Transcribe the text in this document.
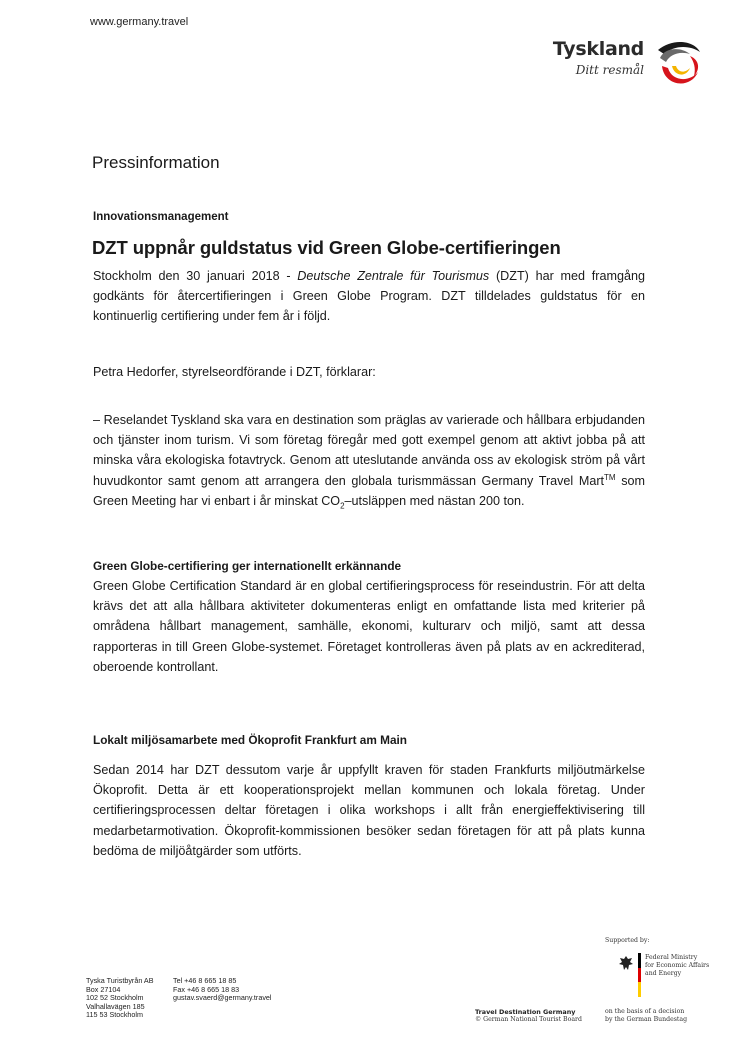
www.germany.travel
Tyskland
Ditt resmål
Pressinformation
Innovationsmanagement
DZT uppnår guldstatus vid Green Globe-certifieringen
Stockholm den 30 januari 2018 - Deutsche Zentrale für Tourismus (DZT) har med framgång godkänts för återcertifieringen i Green Globe Program. DZT tilldelades guldstatus för en kontinuerlig certifiering under fem år i följd.
Petra Hedorfer, styrelseordförande i DZT, förklarar:
– Reselandet Tyskland ska vara en destination som präglas av varierade och hållbara erbjudanden och tjänster inom turism. Vi som företag föregår med gott exempel genom att aktivt jobba på att minska våra ekologiska fotavtryck. Genom att uteslutande använda oss av ekologisk ström på vårt huvudkontor samt genom att arrangera den globala turismmässan Germany Travel Mart™ som Green Meeting har vi enbart i år minskat $CO_2$–utsläppen med nästan 200 ton.
Green Globe-certifiering ger internationellt erkännande
Green Globe Certification Standard är en global certifieringsprocess för reseindustrin. För att delta krävs det att alla hållbara aktiviteter dokumenteras enligt en omfattande lista med kriterier på områdena hållbart management, samhälle, ekonomi, kulturarv och miljö, samt att dessa rapporteras in till Green Globe-systemet. Företaget kontrolleras även på plats av en ackrediterad, oberoende kontrollant.
Lokalt miljösamarbete med Ökoprofit Frankfurt am Main
Sedan 2014 har DZT dessutom varje år uppfyllt kraven för staden Frankfurts miljöutmärkelse Ökoprofit. Detta är ett kooperationsprojekt mellan kommunen och lokala företag. Under certifieringsprocessen deltar företagen i olika workshops i allt från energieffektivisering till medarbetarmotivation. Ökoprofit-kommissionen besöker sedan företagen för att på plats kunna bedöma de miljöåtgärder som utförts.
Tyska Turistbyrån AB
Box 27104
102 52 Stockholm
Valhallavägen 185
115 53 Stockholm
Tel +46 8 665 18 85
Fax +46 8 665 18 83
gustav.svaerd@germany.travel
Supported by:
Federal Ministry
for Economic Affairs
and Energy
Travel Destination Germany
© German National Tourist Board
on the basis of a decision
by the German Bundestag
